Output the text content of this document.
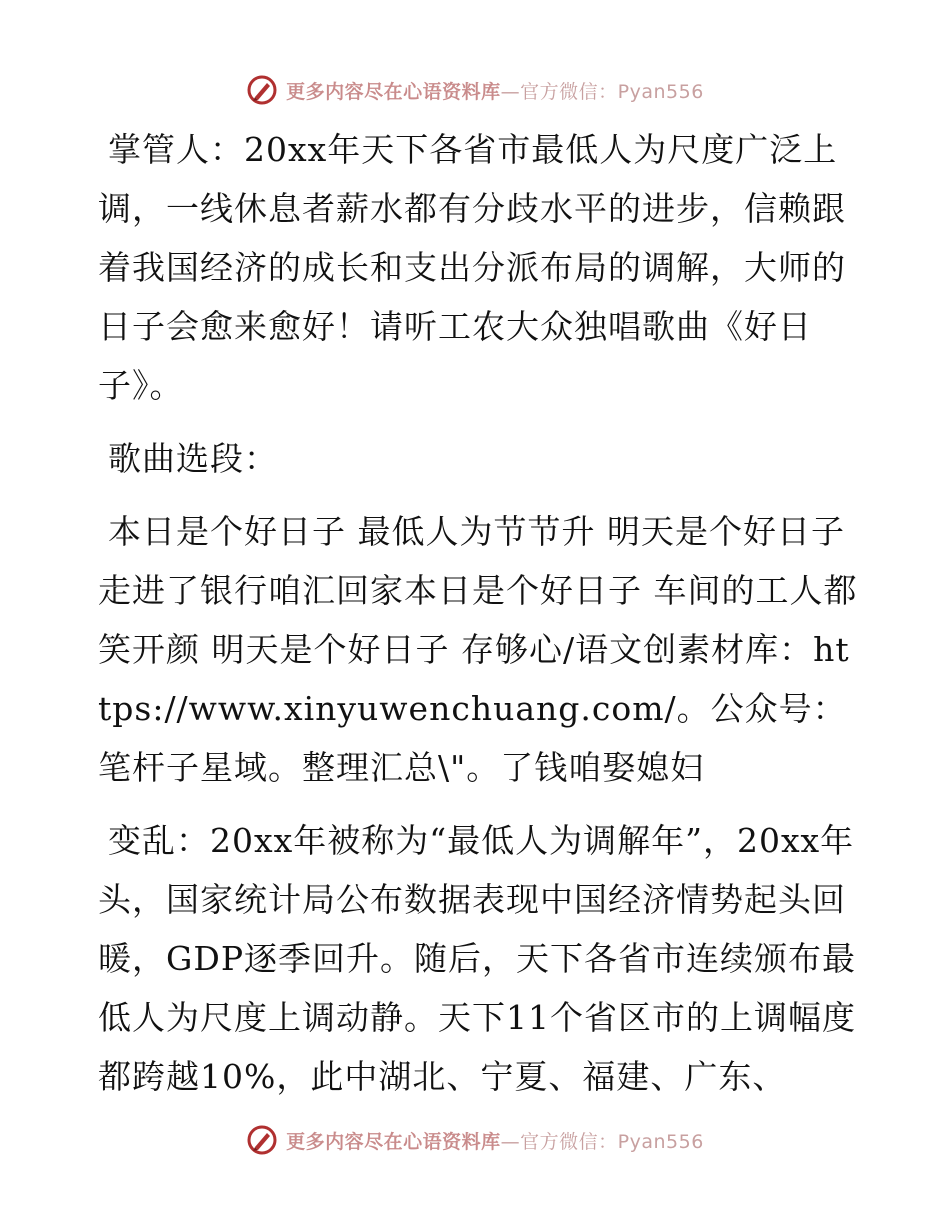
更多内容尽在心语资料库—官方微信：Pyan556

掌管人：20xx年天下各省市最低人为尺度广泛上调，一线休息者薪水都有分歧水平的进步，信赖跟着我国经济的成长和支出分派布局的调解，大师的日子会愈来愈好！请听工农大众独唱歌曲《好日子》。

歌曲选段：

本日是个好日子 最低人为节节升 明天是个好日子 走进了银行咱汇回家本日是个好日子 车间的工人都笑开颜 明天是个好日子 存够心/语文创素材库：https://www.xinyuwenchuang.com/。公众号：笔杆子星域。整理汇总\"。了钱咱娶媳妇

变乱：20xx年被称为“最低人为调解年”，20xx年头，国家统计局公布数据表现中国经济情势起头回暖，GDP逐季回升。随后，天下各省市连续颁布最低人为尺度上调动静。天下11个省区市的上调幅度都跨越10%，此中湖北、宁夏、福建、广东、

更多内容尽在心语资料库—官方微信：Pyan556
